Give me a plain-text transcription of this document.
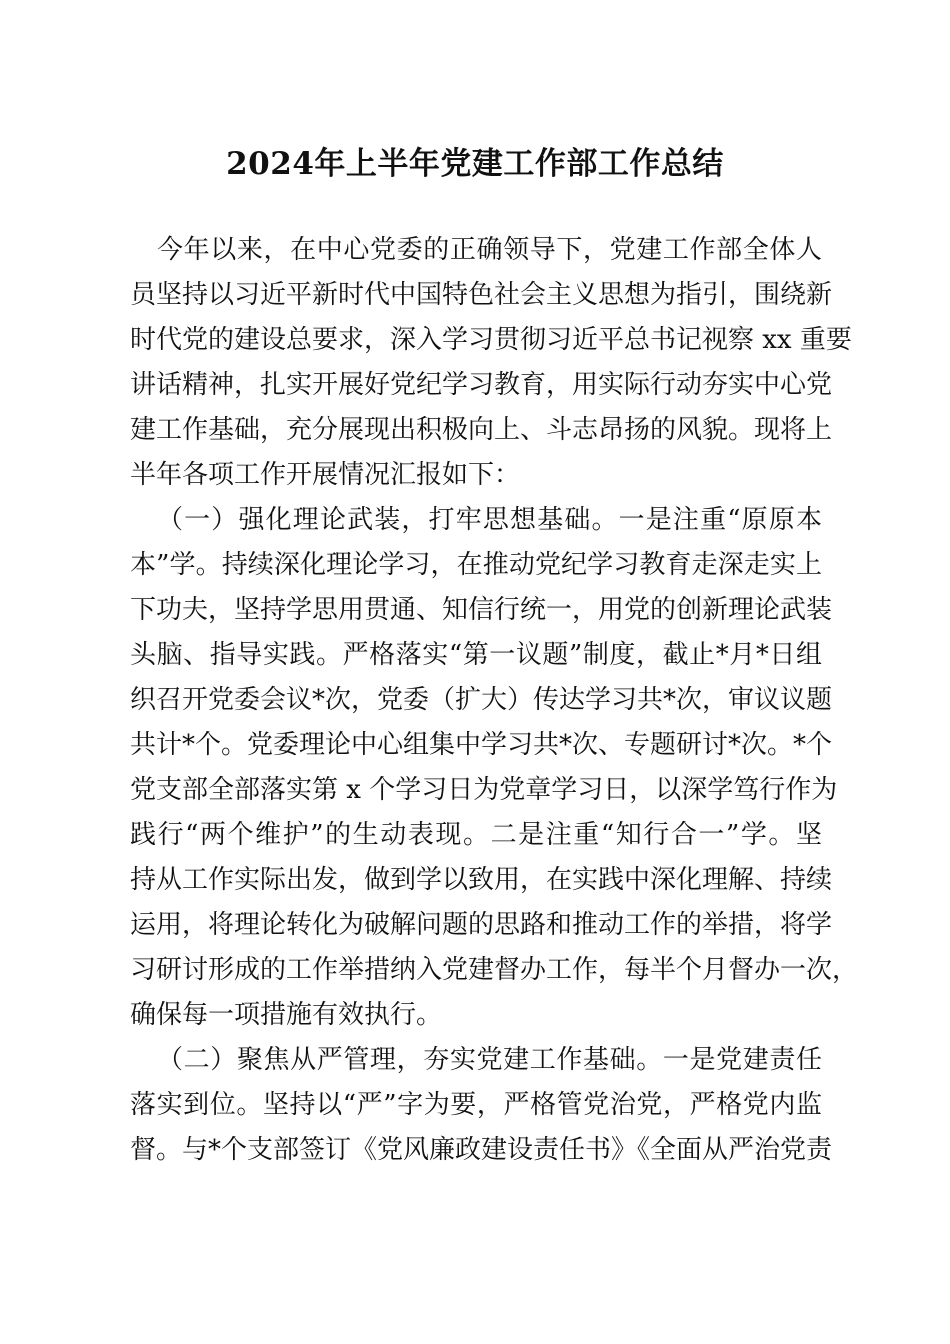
2024年上半年党建工作部工作总结
今年以来，在中心党委的正确领导下，党建工作部全体人
员坚持以习近平新时代中国特色社会主义思想为指引，围绕新
时代党的建设总要求，深入学习贯彻习近平总书记视察 xx 重要
讲话精神，扎实开展好党纪学习教育，用实际行动夯实中心党
建工作基础，充分展现出积极向上、斗志昂扬的风貌。现将上
半年各项工作开展情况汇报如下：
（一）强化理论武装，打牢思想基础。一是注重“原原本
本”学。持续深化理论学习，在推动党纪学习教育走深走实上
下功夫，坚持学思用贯通、知信行统一，用党的创新理论武装
头脑、指导实践。严格落实“第一议题”制度，截止*月*日组
织召开党委会议*次，党委（扩大）传达学习共*次，审议议题
共计*个。党委理论中心组集中学习共*次、专题研讨*次。*个
党支部全部落实第 x 个学习日为党章学习日，以深学笃行作为
践行“两个维护”的生动表现。二是注重“知行合一”学。坚
持从工作实际出发，做到学以致用，在实践中深化理解、持续
运用，将理论转化为破解问题的思路和推动工作的举措，将学
习研讨形成的工作举措纳入党建督办工作，每半个月督办一次，
确保每一项措施有效执行。
（二）聚焦从严管理，夯实党建工作基础。一是党建责任
落实到位。坚持以“严”字为要，严格管党治党，严格党内监
督。与*个支部签订《党风廉政建设责任书》《全面从严治党责
